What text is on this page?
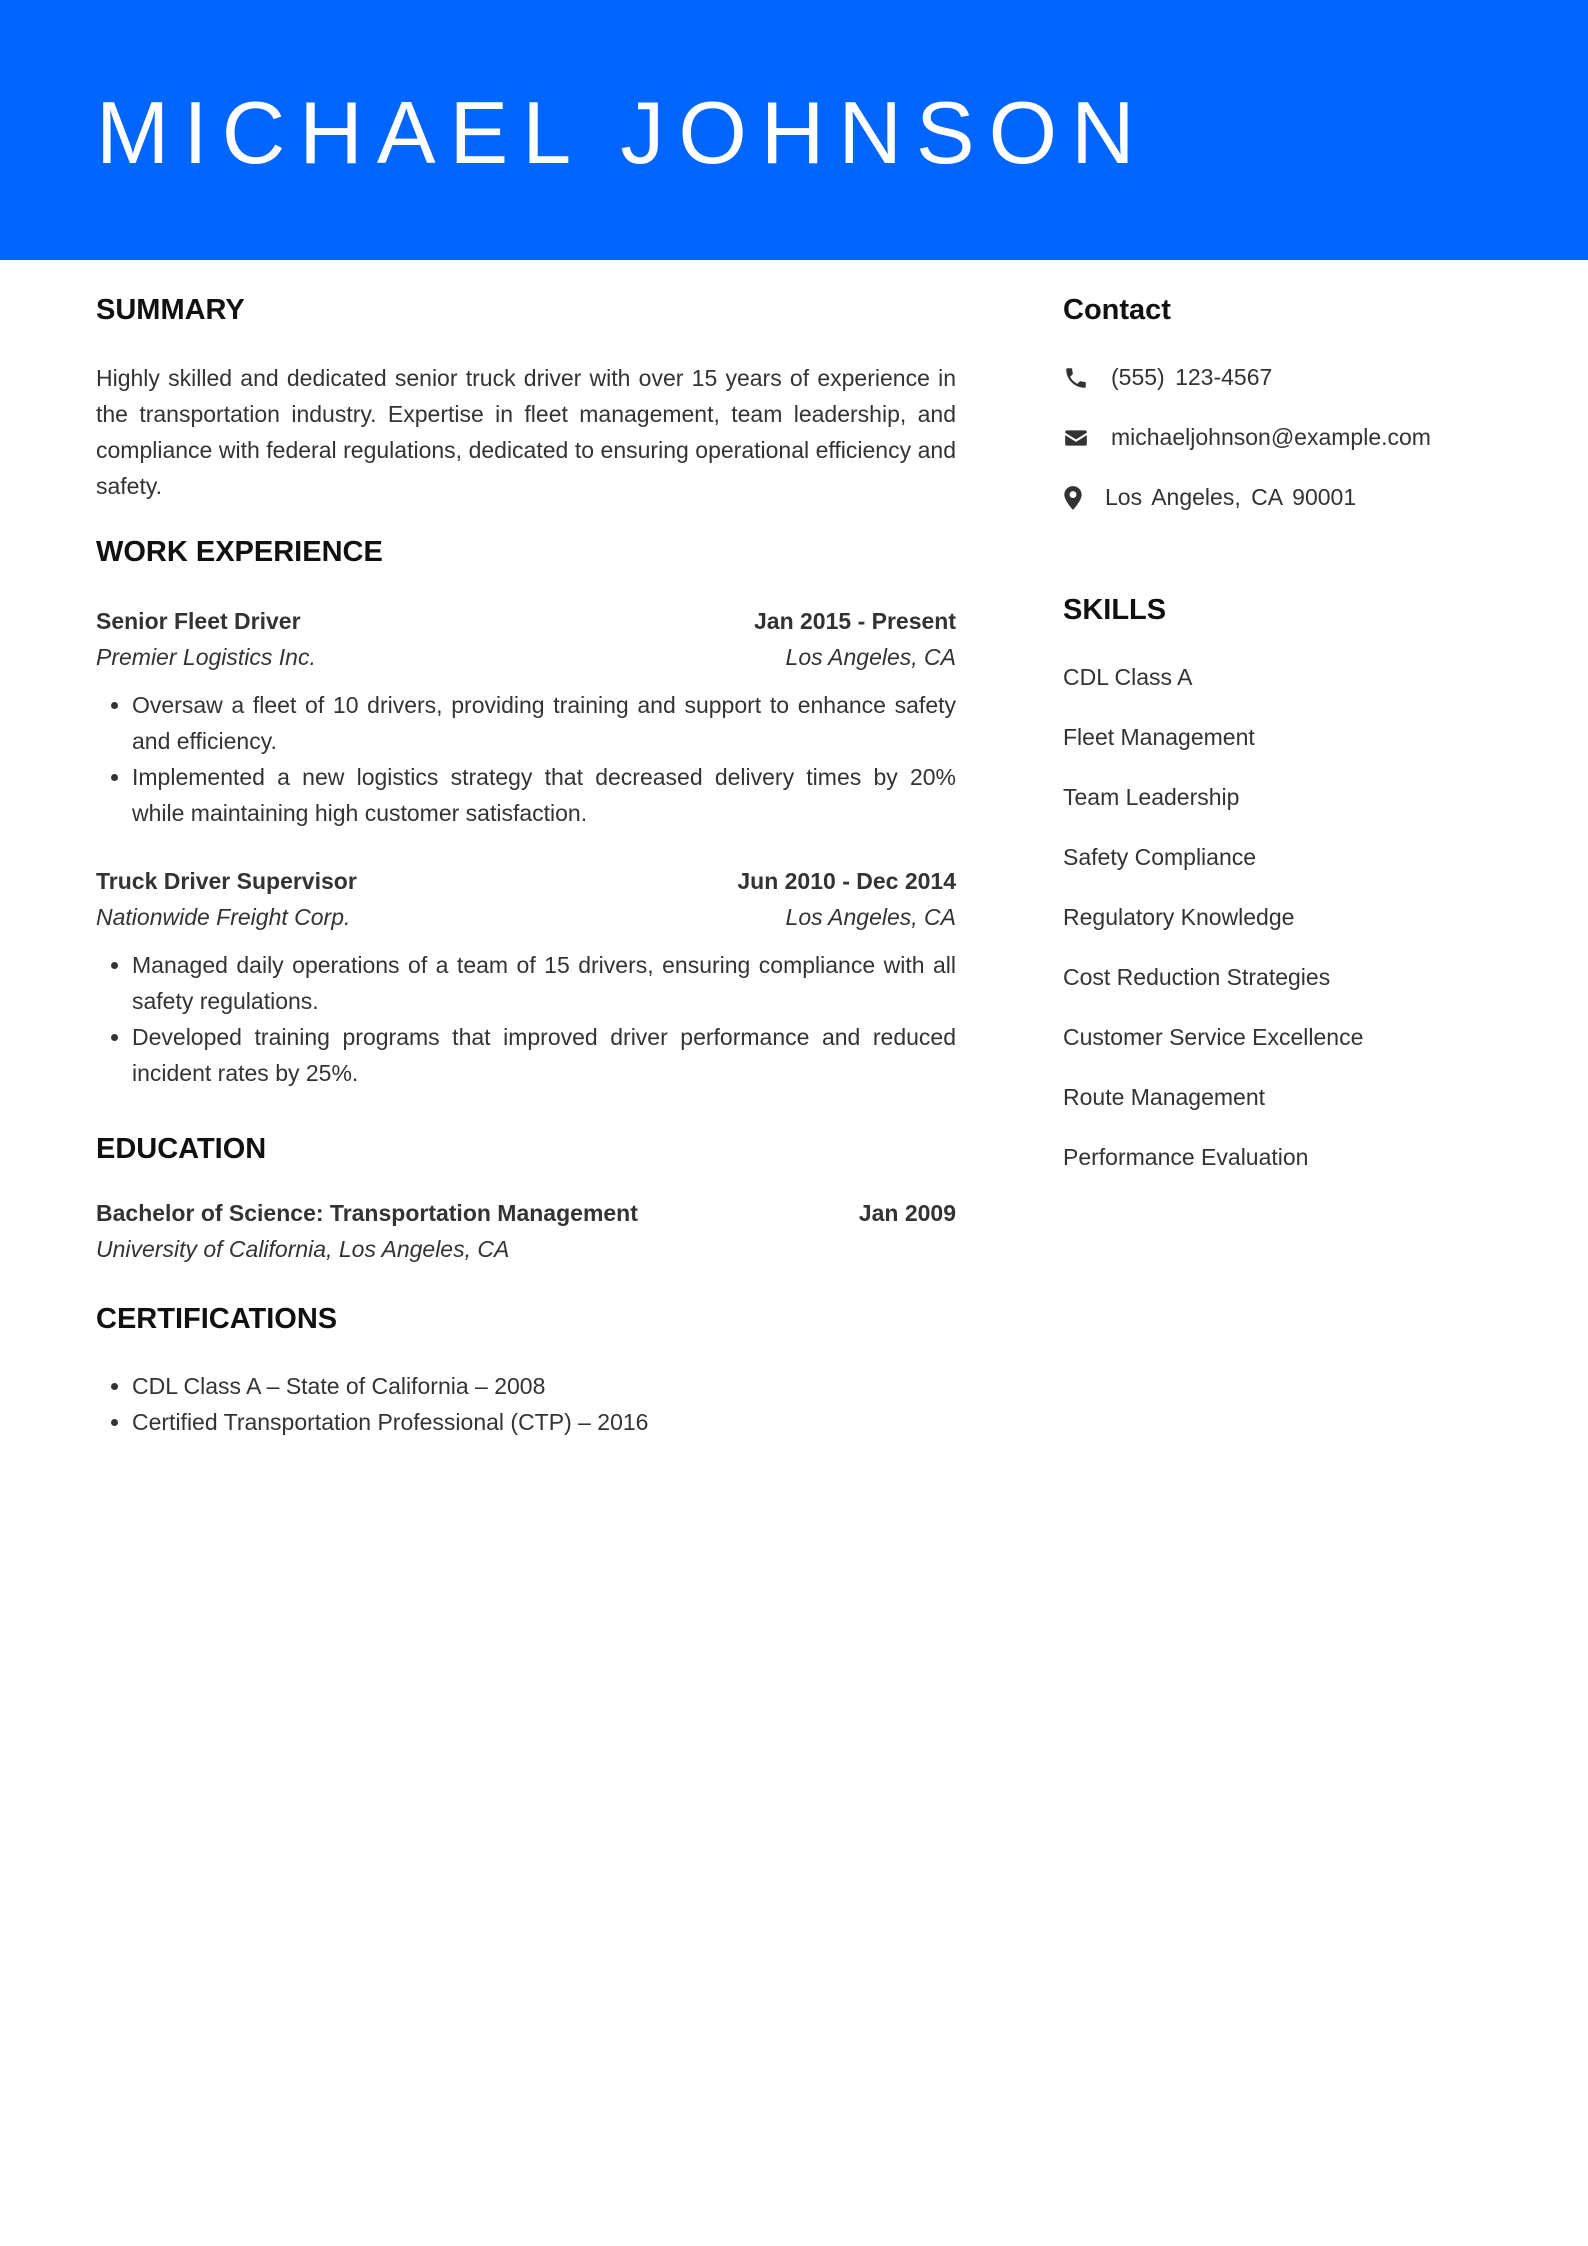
MICHAEL JOHNSON
SUMMARY

Highly skilled and dedicated senior truck driver with over 15 years of experience in the transportation industry. Expertise in fleet management, team leadership, and compliance with federal regulations, dedicated to ensuring operational efficiency and safety.

WORK EXPERIENCE
Senior Fleet Driver	Jan 2015 - Present
Premier Logistics Inc.	Los Angeles, CA
• Oversaw a fleet of 10 drivers, providing training and support to enhance safety and efficiency.
• Implemented a new logistics strategy that decreased delivery times by 20% while maintaining high customer satisfaction.
Truck Driver Supervisor	Jun 2010 - Dec 2014
Nationwide Freight Corp.	Los Angeles, CA
• Managed daily operations of a team of 15 drivers, ensuring compliance with all safety regulations.
• Developed training programs that improved driver performance and reduced incident rates by 25%.
EDUCATION
Bachelor of Science: Transportation Management	Jan 2009
University of California, Los Angeles, CA
CERTIFICATIONS
• CDL Class A – State of California – 2008
• Certified Transportation Professional (CTP) – 2016
Contact
(555) 123-4567
michaeljohnson@example.com
Los Angeles, CA 90001
SKILLS
CDL Class A
Fleet Management
Team Leadership
Safety Compliance
Regulatory Knowledge
Cost Reduction Strategies
Customer Service Excellence
Route Management
Performance Evaluation
